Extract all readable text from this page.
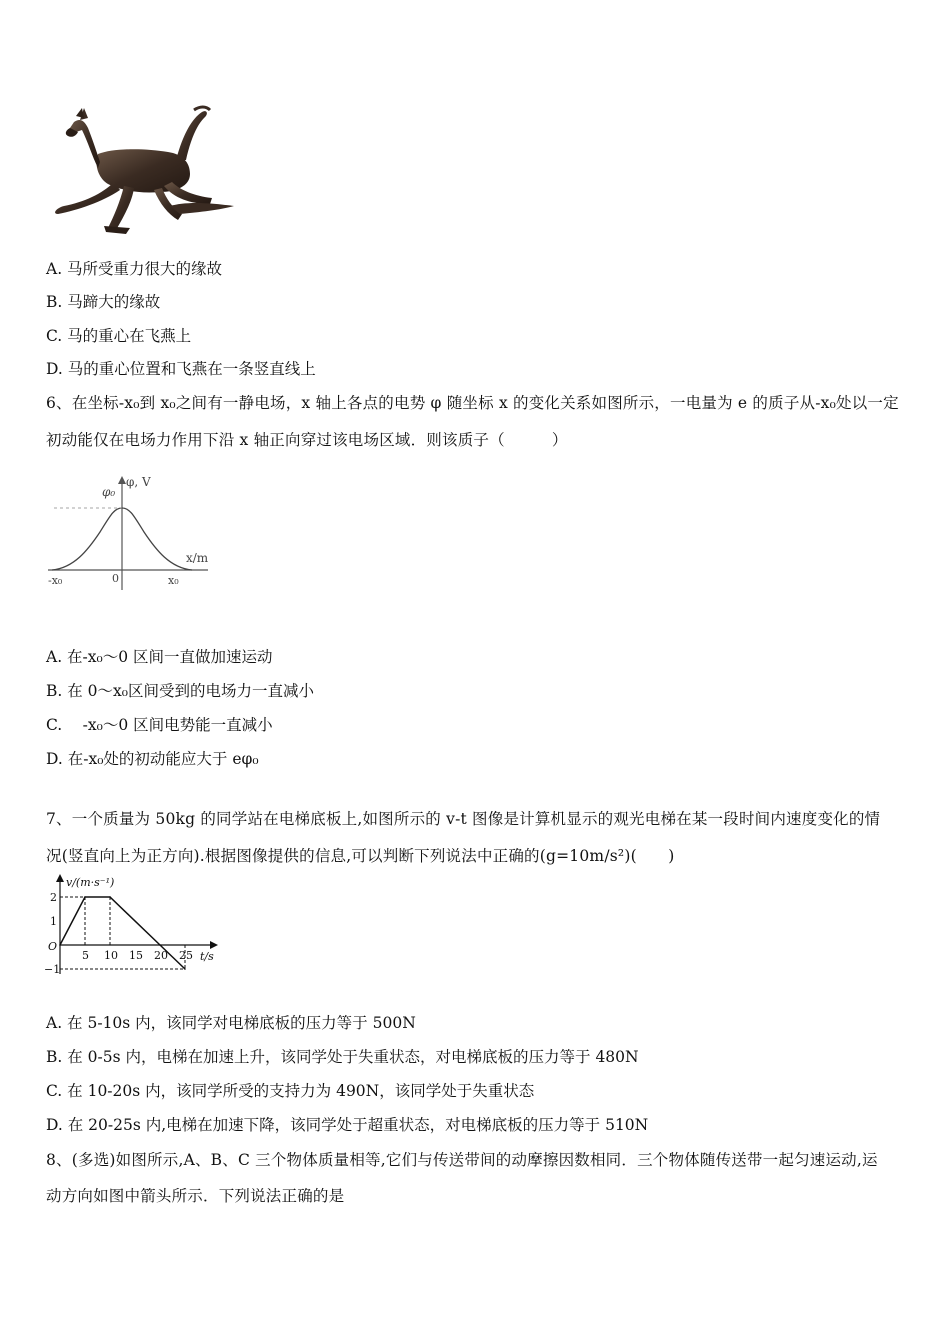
A. 马所受重力很大的缘故
B. 马蹄大的缘故
C. 马的重心在飞燕上
D. 马的重心位置和飞燕在一条竖直线上
6、在坐标-x₀到 x₀之间有一静电场，x 轴上各点的电势 φ 随坐标 x 的变化关系如图所示，一电量为 e 的质子从-x₀处以一定
初动能仅在电场力作用下沿 x 轴正向穿过该电场区域．则该质子（　　　）
φ₀
φ, V
x/m
-x₀	0	x₀
A. 在-x₀～0 区间一直做加速运动
B. 在 0～x₀区间受到的电场力一直减小
C.　 -x₀～0 区间电势能一直减小
D. 在-x₀处的初动能应大于 eφ₀
7、一个质量为 50kg 的同学站在电梯底板上,如图所示的 v-t 图像是计算机显示的观光电梯在某一段时间内速度变化的情
况(竖直向上为正方向).根据图像提供的信息,可以判断下列说法中正确的(g=10m/s²)(　　)
v/(m·s⁻¹)
t/s
O
5 10 15 20 25
2
1
−1
A. 在 5-10s 内，该同学对电梯底板的压力等于 500N
B. 在 0-5s 内，电梯在加速上升，该同学处于失重状态，对电梯底板的压力等于 480N
C. 在 10-20s 内，该同学所受的支持力为 490N，该同学处于失重状态
D. 在 20-25s 内,电梯在加速下降，该同学处于超重状态，对电梯底板的压力等于 510N
8、(多选)如图所示,A、B、C 三个物体质量相等,它们与传送带间的动摩擦因数相同．三个物体随传送带一起匀速运动,运
动方向如图中箭头所示．下列说法正确的是
